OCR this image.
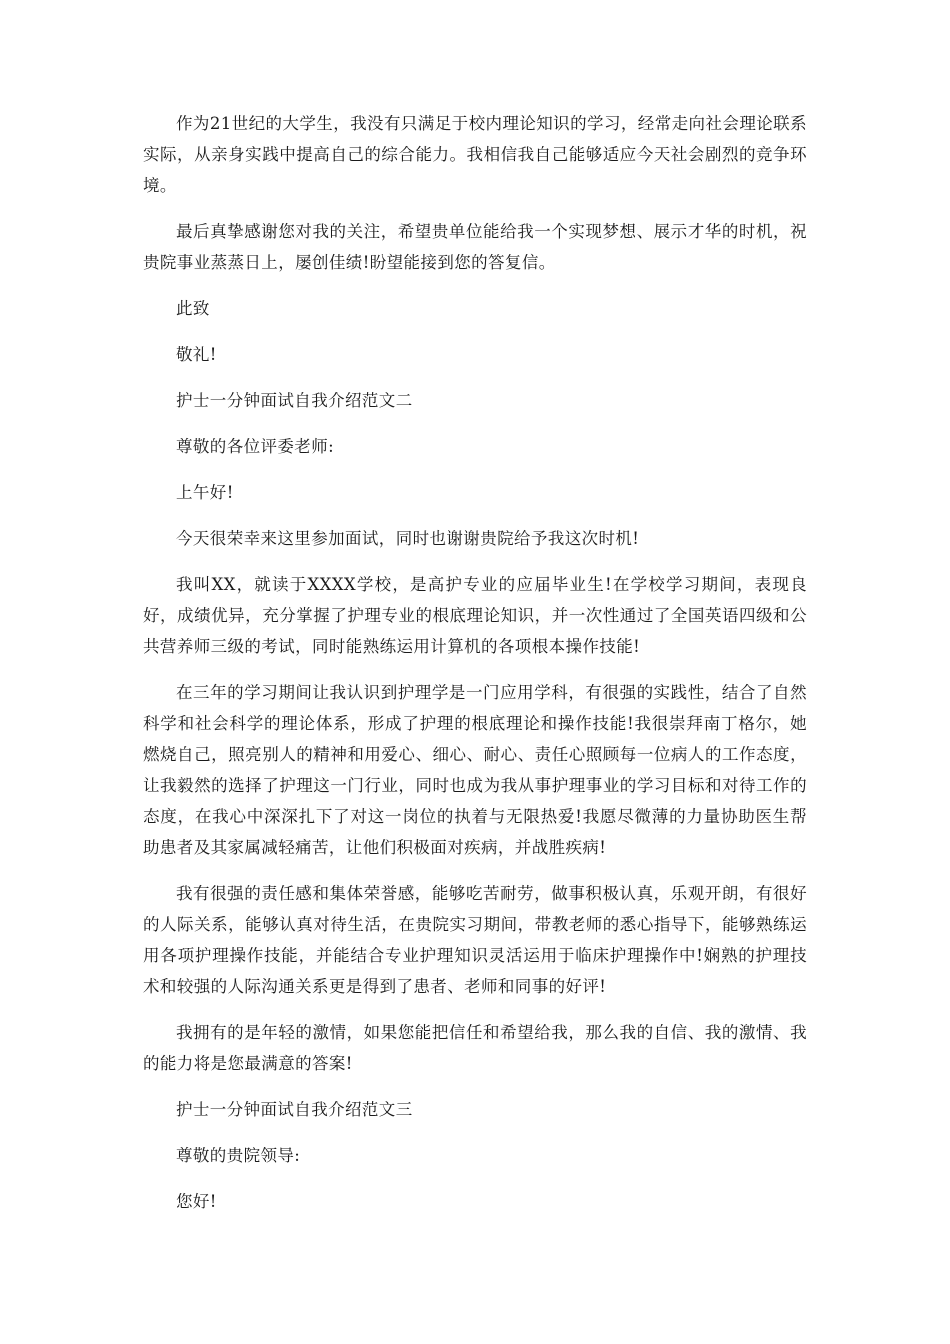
作为21世纪的大学生，我没有只满足于校内理论知识的学习，经常走向社会理论联系实际，从亲身实践中提高自己的综合能力。我相信我自己能够适应今天社会剧烈的竞争环境。

最后真挚感谢您对我的关注，希望贵单位能给我一个实现梦想、展示才华的时机，祝贵院事业蒸蒸日上，屡创佳绩!盼望能接到您的答复信。

此致

敬礼!

护士一分钟面试自我介绍范文二

尊敬的各位评委老师:

上午好!

今天很荣幸来这里参加面试，同时也谢谢贵院给予我这次时机!

我叫XX，就读于XXXX学校，是高护专业的应届毕业生!在学校学习期间，表现良好，成绩优异，充分掌握了护理专业的根底理论知识，并一次性通过了全国英语四级和公共营养师三级的考试，同时能熟练运用计算机的各项根本操作技能!

在三年的学习期间让我认识到护理学是一门应用学科，有很强的实践性，结合了自然科学和社会科学的理论体系，形成了护理的根底理论和操作技能!我很崇拜南丁格尔，她燃烧自己，照亮别人的精神和用爱心、细心、耐心、责任心照顾每一位病人的工作态度，让我毅然的选择了护理这一门行业，同时也成为我从事护理事业的学习目标和对待工作的态度，在我心中深深扎下了对这一岗位的执着与无限热爱!我愿尽微薄的力量协助医生帮助患者及其家属减轻痛苦，让他们积极面对疾病，并战胜疾病!

我有很强的责任感和集体荣誉感，能够吃苦耐劳，做事积极认真，乐观开朗，有很好的人际关系，能够认真对待生活，在贵院实习期间，带教老师的悉心指导下，能够熟练运用各项护理操作技能，并能结合专业护理知识灵活运用于临床护理操作中!娴熟的护理技术和较强的人际沟通关系更是得到了患者、老师和同事的好评!

我拥有的是年轻的激情，如果您能把信任和希望给我，那么我的自信、我的激情、我的能力将是您最满意的答案!

护士一分钟面试自我介绍范文三

尊敬的贵院领导:

您好!
